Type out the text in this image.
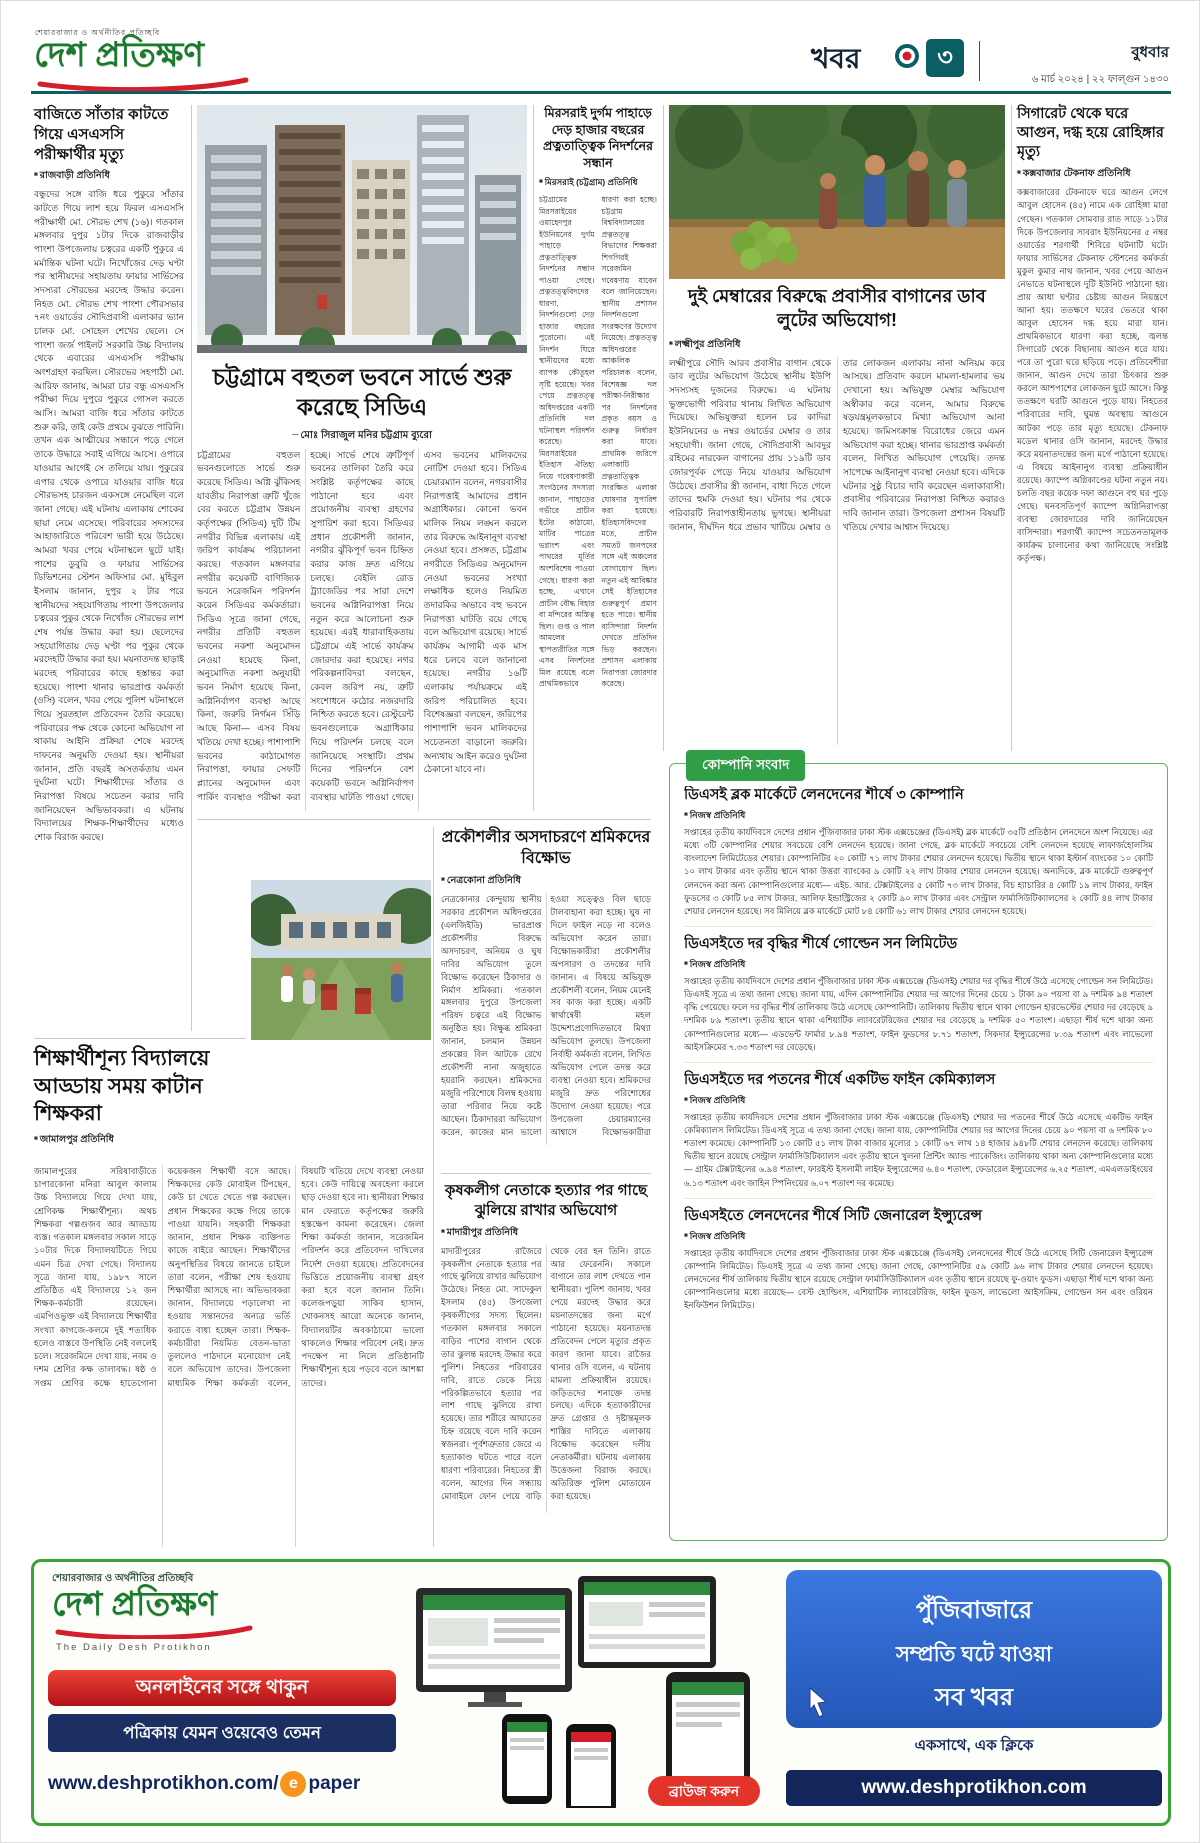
শেয়ারবাজার ও অর্থনীতির প্রতিচ্ছবি
দেশ প্রতিক্ষণ	খবর	৩	বুধবার
৬ মার্চ ২০২৪ | ২২ ফাল্গুন ১৪৩০
বাজিতে সাঁতার কাটতে গিয়ে এসএসসি পরীক্ষার্থীর মৃত্যু
■ রাজবাড়ী প্রতিনিধি
বন্ধুদের সঙ্গে বাজি ধরে পুকুরে সাঁতার কাটতে গিয়ে লাশ হয়ে ফিরল এসএসসি পরীক্ষার্থী মো. সৌরভ শেখ (১৬)। গতকাল মঙ্গলবার দুপুর ১টার দিকে রাজবাড়ীর পাংশা উপজেলায় চত্বরের একটি পুকুরে এ মর্মান্তিক ঘটনা ঘটে। নিখোঁজের দেড় ঘণ্টা পর স্থানীয়দের সহায়তায় ফায়ার সার্ভিসের সদস্যরা সৌরভের মরদেহ উদ্ধার করেন। নিহত মো. সৌরভ শেখ পাংশা পৌরসভার ৭নং ওয়ার্ডের সৌদিপ্রবাসী এলাকার ভ্যান চালক মো. সোহেল শেখের ছেলে। সে পাংশা জর্জ পাইলট সরকারি উচ্চ বিদ্যালয় থেকে এবারের এসএসসি পরীক্ষায় অংশগ্রহণ করছিল। সৌরভের সহপাঠী মো. আরিফ জানায়, আমরা চার বন্ধু এসএসসি পরীক্ষা দিয়ে দুপুরে পুকুরে গোসল করতে আসি। আমরা বাজি ধরে সাঁতার কাটতে শুরু করি, তাই কেউ প্রথমে বুঝতে পারিনি। তখন এক আত্মীয়ের সন্ধানে পড়ে গেলে তাকে উদ্ধারে সবাই এগিয়ে আসে। ওপারে যাওয়ার আগেই সে তলিয়ে যায়। পুকুরের এপার থেকে ওপারে যাওয়ার বাজি ধরে সৌরভসহ চারজন একসঙ্গে নেমেছিল বলে জানা গেছে। এই ঘটনায় এলাকায় শোকের ছায়া নেমে এসেছে। পরিবারের সদস্যদের আহাজারিতে পরিবেশ ভারী হয়ে উঠেছে। আমরা খবর পেয়ে ঘটনাস্থলে ছুটে যাই। পাশের ডুবুরি ও ফায়ার সার্ভিসের ডিভিশনের স্টেশন অফিসার মো. মুহিবুল ইসলাম জানান, দুপুর ২ টার পরে স্থানীয়দের সহযোগিতায় পাংশা উপজেলার চত্বরের পুকুর থেকে নিখোঁজ সৌরভের লাশ শেষ পর্যন্ত উদ্ধার করা হয়। ছেলেদের সহযোগিতায় দেড় ঘণ্টা পর পুকুর থেকে মরদেহটি উদ্ধার করা হয়। ময়নাতদন্ত ছাড়াই মরদেহ পরিবারের কাছে হস্তান্তর করা হয়েছে। পাংশা থানার ভারপ্রাপ্ত কর্মকর্তা (ওসি) বলেন, খবর পেয়ে পুলিশ ঘটনাস্থলে গিয়ে সুরতহাল প্রতিবেদন তৈরি করেছে। পরিবারের পক্ষ থেকে কোনো অভিযোগ না থাকায় আইনি প্রক্রিয়া শেষে মরদেহ দাফনের অনুমতি দেওয়া হয়। স্থানীয়রা জানান, প্রতি বছরই অসতর্কতায় এমন দুর্ঘটনা ঘটে। শিক্ষার্থীদের সাঁতার ও নিরাপত্তা বিষয়ে সচেতন করার দাবি জানিয়েছেন অভিভাবকরা। এ ঘটনায় বিদ্যালয়ের শিক্ষক-শিক্ষার্থীদের মধ্যেও শোক বিরাজ করছে।
চট্টগ্রামে বহুতল ভবনে সার্ভে শুরু করেছে সিডিএ
— মোঃ সিরাজুল মনির চট্টগ্রাম ব্যুরো
চট্টগ্রামের বহুতল ভবনগুলোতে সার্ভে শুরু করেছে সিডিএ। অগ্নি ঝুঁকিসহ যাবতীয় নিরাপত্তা ত্রুটি খুঁজে বের করতে চট্টগ্রাম উন্নয়ন কর্তৃপক্ষের (সিডিএ) দুটি টিম নগরীর বিভিন্ন এলাকায় এই জরিপ কার্যক্রম পরিচালনা করছে। গতকাল মঙ্গলবার নগরীর কয়েকটি বাণিজ্যিক ভবনে সরেজমিন পরিদর্শন করেন সিডিএর কর্মকর্তারা। সিডিএ সূত্রে জানা গেছে, নগরীর প্রতিটি বহুতল ভবনের নকশা অনুমোদন নেওয়া হয়েছে কিনা, অনুমোদিত নকশা অনুযায়ী ভবন নির্মাণ হয়েছে কিনা, অগ্নিনির্বাপণ ব্যবস্থা আছে কিনা, জরুরি নির্গমন সিঁড়ি আছে কিনা— এসব বিষয় খতিয়ে দেখা হচ্ছে। পাশাপাশি ভবনের কাঠামোগত নিরাপত্তা, ফায়ার সেফটি প্ল্যানের অনুমোদন এবং পার্কিং ব্যবস্থাও পরীক্ষা করা হচ্ছে। সার্ভে শেষে ত্রুটিপূর্ণ ভবনের তালিকা তৈরি করে সংশ্লিষ্ট কর্তৃপক্ষের কাছে পাঠানো হবে এবং প্রয়োজনীয় ব্যবস্থা গ্রহণের সুপারিশ করা হবে। সিডিএর প্রধান প্রকৌশলী জানান, নগরীর ঝুঁকিপূর্ণ ভবন চিহ্নিত করার কাজ দ্রুত এগিয়ে চলছে। বেইলি রোড ট্র্যাজেডির পর সারা দেশে ভবনের অগ্নিনিরাপত্তা নিয়ে নতুন করে আলোচনা শুরু হয়েছে। এরই ধারাবাহিকতায় চট্টগ্রামে এই সার্ভে কার্যক্রম জোরদার করা হয়েছে। নগর পরিকল্পনাবিদরা বলছেন, কেবল জরিপ নয়, ত্রুটি সংশোধনে কঠোর নজরদারি নিশ্চিত করতে হবে। রেস্টুরেন্ট ভবনগুলোকে অগ্রাধিকার দিয়ে পরিদর্শন চলছে বলে জানিয়েছে সংস্থাটি। প্রথম দিনের পরিদর্শনে বেশ কয়েকটি ভবনে অগ্নিনির্বাপণ ব্যবস্থার ঘাটতি পাওয়া গেছে। এসব ভবনের মালিকদের নোটিশ দেওয়া হবে। সিডিএ চেয়ারম্যান বলেন, নগরবাসীর নিরাপত্তাই আমাদের প্রধান অগ্রাধিকার। কোনো ভবন মালিক নিয়ম লঙ্ঘন করলে তার বিরুদ্ধে আইনানুগ ব্যবস্থা নেওয়া হবে। প্রসঙ্গত, চট্টগ্রাম নগরীতে সিডিএর অনুমোদন নেওয়া ভবনের সংখ্যা লক্ষাধিক হলেও নিয়মিত তদারকির অভাবে বহু ভবনে নিরাপত্তা ঘাটতি রয়ে গেছে বলে অভিযোগ রয়েছে। সার্ভে কার্যক্রম আগামী এক মাস ধরে চলবে বলে জানানো হয়েছে। নগরীর ১৬টি এলাকায় পর্যায়ক্রমে এই জরিপ পরিচালিত হবে। বিশেষজ্ঞরা বলছেন, জরিপের পাশাপাশি ভবন মালিকদের সচেতনতা বাড়ানো জরুরি। অন্যথায় আইন করেও দুর্ঘটনা ঠেকানো যাবে না।
মিরসরাই দুর্গম পাহাড়ে দেড় হাজার বছরের প্রত্নতাত্ত্বিক নিদর্শনের সন্ধান
■ মিরসরাই (চট্টগ্রাম) প্রতিনিধি
চট্টগ্রামের মিরসরাইয়ের ওয়াহেদপুর ইউনিয়নের দুর্গম পাহাড়ে প্রত্নতাত্ত্বিক নিদর্শনের সন্ধান পাওয়া গেছে। প্রত্নতত্ত্ববিদদের ধারণা, নিদর্শনগুলো দেড় হাজার বছরের পুরোনো। এই নিদর্শন ঘিরে স্থানীয়দের মধ্যে ব্যাপক কৌতূহল সৃষ্টি হয়েছে। খবর পেয়ে প্রত্নতত্ত্ব অধিদপ্তরের একটি প্রতিনিধি দল ঘটনাস্থল পরিদর্শন করেছে। মিরসরাইয়ের ইতিহাস ঐতিহ্য নিয়ে গবেষণাকারী সংগঠনের সদস্যরা জানান, পাহাড়ের গভীরে প্রাচীন ইটের কাঠামো, মাটির পাত্রের ভগ্নাংশ এবং পাথরের মূর্তির অংশবিশেষ পাওয়া গেছে। ধারণা করা হচ্ছে, এখানে প্রাচীন বৌদ্ধ বিহার বা মন্দিরের অস্তিত্ব ছিল। গুপ্ত ও পাল আমলের স্থাপত্যরীতির সঙ্গে এসব নিদর্শনের মিল রয়েছে বলে প্রাথমিকভাবে ধারণা করা হচ্ছে। চট্টগ্রাম বিশ্ববিদ্যালয়ের প্রত্নতত্ত্ব বিভাগের শিক্ষকরা শিগগিরই সরেজমিন গবেষণায় যাবেন বলে জানিয়েছেন। স্থানীয় প্রশাসন নিদর্শনগুলো সংরক্ষণের উদ্যোগ নিয়েছে। প্রত্নতত্ত্ব অধিদপ্তরের আঞ্চলিক পরিচালক বলেন, বিশেষজ্ঞ দল পরীক্ষা-নিরীক্ষার পর নিদর্শনের প্রকৃত বয়স ও গুরুত্ব নির্ধারণ করা যাবে। প্রাথমিক জরিপে এলাকাটি প্রত্নতাত্ত্বিক সংরক্ষিত এলাকা ঘোষণার সুপারিশ করা হয়েছে। ইতিহাসবিদদের মতে, প্রাচীন সমতট জনপদের সঙ্গে এই অঞ্চলের যোগাযোগ ছিল। নতুন এই আবিষ্কার সেই ইতিহাসের গুরুত্বপূর্ণ প্রমাণ হতে পারে। স্থানীয় বাসিন্দারা নিদর্শন দেখতে প্রতিদিন ভিড় করছেন। প্রশাসন এলাকায় নিরাপত্তা জোরদার করেছে।
দুই মেম্বারের বিরুদ্ধে প্রবাসীর বাগানের ডাব লুটের অভিযোগ!
■ লক্ষ্মীপুর প্রতিনিধি
লক্ষ্মীপুরে সৌদি আরব প্রবাসীর বাগান থেকে ডাব লুটের অভিযোগ উঠেছে স্থানীয় ইউপি সদস্যসহ দুজনের বিরুদ্ধে। এ ঘটনায় ভুক্তভোগী পরিবার থানায় লিখিত অভিযোগ দিয়েছে। অভিযুক্তরা হলেন চর কাদিরা ইউনিয়নের ৬ নম্বর ওয়ার্ডের মেম্বার ও তার সহযোগী। জানা গেছে, সৌদিপ্রবাসী আবদুর রহিমের নারকেল বাগানের প্রায় ১১৯টি ডাব জোরপূর্বক পেড়ে নিয়ে যাওয়ার অভিযোগ উঠেছে। প্রবাসীর স্ত্রী জানান, বাধা দিতে গেলে তাদের হুমকি দেওয়া হয়। ঘটনার পর থেকে পরিবারটি নিরাপত্তাহীনতায় ভুগছে। স্থানীয়রা জানান, দীর্ঘদিন ধরে প্রভাব খাটিয়ে মেম্বার ও তার লোকজন এলাকায় নানা অনিয়ম করে আসছে। প্রতিবাদ করলে মামলা-হামলার ভয় দেখানো হয়। অভিযুক্ত মেম্বার অভিযোগ অস্বীকার করে বলেন, আমার বিরুদ্ধে ষড়যন্ত্রমূলকভাবে মিথ্যা অভিযোগ আনা হয়েছে। জমিসংক্রান্ত বিরোধের জেরে এমন অভিযোগ করা হচ্ছে। থানার ভারপ্রাপ্ত কর্মকর্তা বলেন, লিখিত অভিযোগ পেয়েছি। তদন্ত সাপেক্ষে আইনানুগ ব্যবস্থা নেওয়া হবে। এদিকে ঘটনার সুষ্ঠু বিচার দাবি করেছেন এলাকাবাসী। প্রবাসীর পরিবারের নিরাপত্তা নিশ্চিত করারও দাবি জানান তারা। উপজেলা প্রশাসন বিষয়টি খতিয়ে দেখার আশ্বাস দিয়েছে।
সিগারেট থেকে ঘরে আগুন, দগ্ধ হয়ে রোহিঙ্গার মৃত্যু
■ কক্সবাজার টেকনাফ প্রতিনিধি
কক্সবাজারের টেকনাফে ঘরে আগুন লেগে আবুল হোসেন (৪৫) নামে এক রোহিঙ্গা মারা গেছেন। গতকাল সোমবার রাত সাড়ে ১১টার দিকে উপজেলার সাবরাং ইউনিয়নের ৫ নম্বর ওয়ার্ডের শরণার্থী শিবিরে ঘটনাটি ঘটে। ফায়ার সার্ভিসের টেকনাফ স্টেশনের কর্মকর্তা মুকুল কুমার নাথ জানান, খবর পেয়ে আগুন নেভাতে ঘটনাস্থলে দুটি ইউনিট পাঠানো হয়। প্রায় আধা ঘণ্টার চেষ্টায় আগুন নিয়ন্ত্রণে আনা হয়। ততক্ষণে ঘরের ভেতরে থাকা আবুল হোসেন দগ্ধ হয়ে মারা যান। প্রাথমিকভাবে ধারণা করা হচ্ছে, জ্বলন্ত সিগারেট থেকে বিছানায় আগুন ধরে যায়। পরে তা পুরো ঘরে ছড়িয়ে পড়ে। প্রতিবেশীরা জানান, আগুন দেখে তারা চিৎকার শুরু করলে আশপাশের লোকজন ছুটে আসে। কিন্তু ততক্ষণে ঘরটি আগুনে পুড়ে যায়। নিহতের পরিবারের দাবি, ঘুমন্ত অবস্থায় আগুনে আটকা পড়ে তার মৃত্যু হয়েছে। টেকনাফ মডেল থানার ওসি জানান, মরদেহ উদ্ধার করে ময়নাতদন্তের জন্য মর্গে পাঠানো হয়েছে। এ বিষয়ে আইনানুগ ব্যবস্থা প্রক্রিয়াধীন রয়েছে। ক্যাম্পে অগ্নিকাণ্ডের ঘটনা নতুন নয়। চলতি বছর কয়েক দফা আগুনে বহু ঘর পুড়ে গেছে। ঘনবসতিপূর্ণ ক্যাম্পে অগ্নিনিরাপত্তা ব্যবস্থা জোরদারের দাবি জানিয়েছেন বাসিন্দারা। শরণার্থী ক্যাম্পে সচেতনতামূলক কার্যক্রম চালানোর কথা জানিয়েছে সংশ্লিষ্ট কর্তৃপক্ষ।
প্রকৌশলীর অসদাচরণে শ্রমিকদের বিক্ষোভ
■ নেত্রকোনা প্রতিনিধি
নেত্রকোনার কেন্দুয়ায় স্থানীয় সরকার প্রকৌশল অধিদপ্তরের (এলজিইডি) ভারপ্রাপ্ত প্রকৌশলীর বিরুদ্ধে অসদাচরণ, অনিয়ম ও ঘুষ দাবির অভিযোগ তুলে বিক্ষোভ করেছেন ঠিকাদার ও নির্মাণ শ্রমিকরা। গতকাল মঙ্গলবার দুপুরে উপজেলা পরিষদ চত্বরে এই বিক্ষোভ অনুষ্ঠিত হয়। বিক্ষুব্ধ শ্রমিকরা জানান, চলমান উন্নয়ন প্রকল্পের বিল আটকে রেখে প্রকৌশলী নানা অজুহাতে হয়রানি করছেন। শ্রমিকদের মজুরি পরিশোধে বিলম্ব হওয়ায় তারা পরিবার নিয়ে কষ্টে আছেন। ঠিকাদাররা অভিযোগ করেন, কাজের মান ভালো হওয়া সত্ত্বেও বিল ছাড়ে টালবাহানা করা হচ্ছে। ঘুষ না দিলে ফাইল নড়ে না বলেও অভিযোগ করেন তারা। বিক্ষোভকারীরা প্রকৌশলীর অপসারণ ও তদন্তের দাবি জানান। এ বিষয়ে অভিযুক্ত প্রকৌশলী বলেন, নিয়ম মেনেই সব কাজ করা হচ্ছে। একটি স্বার্থান্বেষী মহল উদ্দেশ্যপ্রণোদিতভাবে মিথ্যা অভিযোগ তুলছে। উপজেলা নির্বাহী কর্মকর্তা বলেন, লিখিত অভিযোগ পেলে তদন্ত করে ব্যবস্থা নেওয়া হবে। শ্রমিকদের মজুরি দ্রুত পরিশোধের উদ্যোগ নেওয়া হয়েছে। পরে উপজেলা চেয়ারম্যানের আশ্বাসে বিক্ষোভকারীরা
শিক্ষার্থীশূন্য বিদ্যালয়ে আড্ডায় সময় কাটান শিক্ষকরা
■ জামালপুর প্রতিনিধি
জামালপুরের সরিষাবাড়ীতে চাপারকোনা মনিরা আবুল কালাম উচ্চ বিদ্যালয়ে গিয়ে দেখা যায়, শ্রেণিকক্ষ শিক্ষার্থীশূন্য। অথচ শিক্ষকরা গল্পগুজব আর আড্ডায় ব্যস্ত। গতকাল মঙ্গলবার সকাল সাড়ে ১০টার দিকে বিদ্যালয়টিতে গিয়ে এমন চিত্র দেখা গেছে। বিদ্যালয় সূত্রে জানা যায়, ১৯৮৭ সালে প্রতিষ্ঠিত এই বিদ্যালয়ে ১২ জন শিক্ষক-কর্মচারী রয়েছেন। এমপিওভুক্ত এই বিদ্যালয়ে শিক্ষার্থীর সংখ্যা কাগজে-কলমে দুই শতাধিক হলেও বাস্তবে উপস্থিতি নেই বললেই চলে। সরেজমিনে দেখা যায়, নবম ও দশম শ্রেণির কক্ষ তালাবদ্ধ। ষষ্ঠ ও সপ্তম শ্রেণির কক্ষে হাতেগোনা কয়েকজন শিক্ষার্থী বসে আছে। শিক্ষকদের কেউ মোবাইল টিপছেন, কেউ চা খেতে খেতে গল্প করছেন। প্রধান শিক্ষকের কক্ষে গিয়ে তাকে পাওয়া যায়নি। সহকারী শিক্ষকরা জানান, প্রধান শিক্ষক ব্যক্তিগত কাজে বাইরে আছেন। শিক্ষার্থীদের অনুপস্থিতির বিষয়ে জানতে চাইলে তারা বলেন, পরীক্ষা শেষ হওয়ায় শিক্ষার্থীরা আসছে না। অভিভাবকরা জানান, বিদ্যালয়ে পড়ালেখা না হওয়ায় সন্তানদের অন্যত্র ভর্তি করাতে বাধ্য হচ্ছেন তারা। শিক্ষক-কর্মচারীরা নিয়মিত বেতন-ভাতা তুললেও পাঠদানে মনোযোগ নেই বলে অভিযোগ তাদের। উপজেলা মাধ্যমিক শিক্ষা কর্মকর্তা বলেন, বিষয়টি খতিয়ে দেখে ব্যবস্থা নেওয়া হবে। কেউ দায়িত্বে অবহেলা করলে ছাড় দেওয়া হবে না। স্থানীয়রা শিক্ষার মান ফেরাতে কর্তৃপক্ষের জরুরি হস্তক্ষেপ কামনা করেছেন। জেলা শিক্ষা কর্মকর্তা জানান, সরেজমিন পরিদর্শন করে প্রতিবেদন দাখিলের নির্দেশ দেওয়া হয়েছে। প্রতিবেদনের ভিত্তিতে প্রয়োজনীয় ব্যবস্থা গ্রহণ করা হবে বলে জানান তিনি। কলেজপড়ুয়া সাকিব হাসান, খোকনসহ আরো অনেকে জানান, বিদ্যালয়টির অবকাঠামো ভালো থাকলেও শিক্ষার পরিবেশ নেই। দ্রুত পদক্ষেপ না নিলে প্রতিষ্ঠানটি শিক্ষার্থীশূন্য হয়ে পড়বে বলে আশঙ্কা তাদের।
কৃষকলীগ নেতাকে হত্যার পর গাছে ঝুলিয়ে রাখার অভিযোগ
■ মাদারীপুর প্রতিনিধি
মাদারীপুরের রাজৈরে কৃষকলীগ নেতাকে হত্যার পর গাছে ঝুলিয়ে রাখার অভিযোগ উঠেছে। নিহত মো. সাদেকুল ইসলাম (৪৫) উপজেলা কৃষকলীগের সদস্য ছিলেন। গতকাল মঙ্গলবার সকালে বাড়ির পাশের বাগান থেকে তার ঝুলন্ত মরদেহ উদ্ধার করে পুলিশ। নিহতের পরিবারের দাবি, রাতে ডেকে নিয়ে পরিকল্পিতভাবে হত্যার পর লাশ গাছে ঝুলিয়ে রাখা হয়েছে। তার শরীরে আঘাতের চিহ্ন রয়েছে বলে দাবি করেন স্বজনরা। পূর্বশত্রুতার জেরে এ হত্যাকাণ্ড ঘটতে পারে বলে ধারণা পরিবারের। নিহতের স্ত্রী বলেন, আগের দিন সন্ধ্যায় মোবাইলে ফোন পেয়ে বাড়ি থেকে বের হন তিনি। রাতে আর ফেরেননি। সকালে বাগানে তার লাশ দেখতে পান স্থানীয়রা। পুলিশ জানায়, খবর পেয়ে মরদেহ উদ্ধার করে ময়নাতদন্তের জন্য মর্গে পাঠানো হয়েছে। ময়নাতদন্ত প্রতিবেদন পেলে মৃত্যুর প্রকৃত কারণ জানা যাবে। রাজৈর থানার ওসি বলেন, এ ঘটনায় মামলা প্রক্রিয়াধীন রয়েছে। জড়িতদের শনাক্তে তদন্ত চলছে। এদিকে হত্যাকারীদের দ্রুত গ্রেপ্তার ও দৃষ্টান্তমূলক শাস্তির দাবিতে এলাকায় বিক্ষোভ করেছেন দলীয় নেতাকর্মীরা। ঘটনায় এলাকায় উত্তেজনা বিরাজ করছে। অতিরিক্ত পুলিশ মোতায়েন করা হয়েছে।
কোম্পানি সংবাদ
ডিএসই ব্লক মার্কেটে লেনদেনের শীর্ষে ৩ কোম্পানি
■ নিজস্ব প্রতিনিধি
সপ্তাহের তৃতীয় কার্যদিবসে দেশের প্রধান পুঁজিবাজার ঢাকা স্টক এক্সচেঞ্জের (ডিএসই) ব্লক মার্কেটে ৩৫টি প্রতিষ্ঠান লেনদেনে অংশ নিয়েছে। এর মধ্যে ৩টি কোম্পানির শেয়ার সবচেয়ে বেশি লেনদেন হয়েছে। জানা গেছে, ব্লক মার্কেটে সবচেয়ে বেশি লেনদেন হয়েছে লাফার্জহোলসিম বাংলাদেশ লিমিটেডের শেয়ার। কোম্পানিটির ২০ কোটি ৭১ লাখ টাকার শেয়ার লেনদেন হয়েছে। দ্বিতীয় স্থানে থাকা ইস্টার্ন ব্যাংকের ১০ কোটি ১০ লাখ টাকার এবং তৃতীয় স্থানে থাকা উত্তরা ব্যাংকের ৯ কোটি ২২ লাখ টাকার শেয়ার লেনদেন হয়েছে। অন্যদিকে, ব্লক মার্কেটে গুরুত্বপূর্ণ লেনদেন করা অন্য কোম্পানিগুলোর মধ্যে— এইচ. আর. টেক্সটাইলের ৫ কোটি ৭৩ লাখ টাকার, বিচ হ্যাচারির ৪ কোটি ১৯ লাখ টাকার, ফাইন ফুডসের ৩ কোটি ৮৫ লাখ টাকার, আলিফ ইন্ডাস্ট্রিজের ২ কোটি ৯০ লাখ টাকার এবং সেন্ট্রাল ফার্মাসিউটিক্যালসের ২ কোটি ৪৪ লাখ টাকার শেয়ার লেনদেন হয়েছে। সব মিলিয়ে ব্লক মার্কেটে মোট ৮৪ কোটি ৬১ লাখ টাকার শেয়ার লেনদেন হয়েছে।
ডিএসইতে দর বৃদ্ধির শীর্ষে গোল্ডেন সন লিমিটেড
■ নিজস্ব প্রতিনিধি
সপ্তাহের তৃতীয় কার্যদিবসে দেশের প্রধান পুঁজিবাজার ঢাকা স্টক এক্সচেঞ্জে (ডিএসই) শেয়ার দর বৃদ্ধির শীর্ষে উঠে এসেছে গোল্ডেন সন লিমিটেড। ডিএসই সূত্রে এ তথ্য জানা গেছে। জানা যায়, এদিন কোম্পানিটির শেয়ার দর আগের দিনের চেয়ে ১ টাকা ৯০ পয়সা বা ৯ দশমিক ৯৪ শতাংশ বৃদ্ধি পেয়েছে। ফলে দর বৃদ্ধির শীর্ষ তালিকায় উঠে এসেছে কোম্পানিটি। তালিকায় দ্বিতীয় স্থানে থাকা গোল্ডেন হারভেস্টের শেয়ার দর বেড়েছে ৯ দশমিক ৮৯ শতাংশ। তৃতীয় স্থানে থাকা এশিয়াটিক ল্যাবরেটরিজের শেয়ার দর বেড়েছে ৯ দশমিক ৫০ শতাংশ। এছাড়া শীর্ষ দশে থাকা অন্য কোম্পানিগুলোর মধ্যে— এডভেন্ট ফার্মার ৮.৯৪ শতাংশ, ফাইন ফুডসের ৮.৭১ শতাংশ, সিকদার ইন্স্যুরেন্সের ৮.৩৯ শতাংশ এবং লাভেলো আইসক্রিমের ৭.৩৩ শতাংশ দর বেড়েছে।
ডিএসইতে দর পতনের শীর্ষে একটিভ ফাইন কেমিক্যালস
■ নিজস্ব প্রতিনিধি
সপ্তাহের তৃতীয় কার্যদিবসে দেশের প্রধান পুঁজিবাজার ঢাকা স্টক এক্সচেঞ্জে (ডিএসই) শেয়ার দর পতনের শীর্ষে উঠে এসেছে একটিভ ফাইন কেমিক্যালস লিমিটেড। ডিএসই সূত্রে এ তথ্য জানা গেছে। জানা যায়, কোম্পানিটির শেয়ার দর আগের দিনের চেয়ে ৯০ পয়সা বা ৬ দশমিক ৮০ শতাংশ কমেছে। কোম্পানিটি ১৩ কোটি ৫১ লাখ টাকা বাজার মূল্যের ১ কোটি ৬৭ লাখ ১৪ হাজার ৯৪৮টি শেয়ার লেনদেন করেছে। তালিকায় দ্বিতীয় স্থানে রয়েছে সেন্ট্রাল ফার্মাসিউটিক্যালস এবং তৃতীয় স্থানে খুলনা প্রিন্টিং অ্যান্ড প্যাকেজিং। তালিকায় থাকা অন্য কোম্পানিগুলোর মধ্যে— গ্রাইম টেক্সটাইলের ৬.৯৪ শতাংশ, ফারইস্ট ইসলামী লাইফ ইন্স্যুরেন্সের ৬.৪০ শতাংশ, ফেডারেল ইন্স্যুরেন্সের ৬.২৫ শতাংশ, এমএলডাইংয়ের ৬.১৩ শতাংশ এবং জাহিন স্পিনিংয়ের ৬.০৭ শতাংশ দর কমেছে।
ডিএসইতে লেনদেনের শীর্ষে সিটি জেনারেল ইন্স্যুরেন্স
■ নিজস্ব প্রতিনিধি
সপ্তাহের তৃতীয় কার্যদিবসে দেশের প্রধান পুঁজিবাজার ঢাকা স্টক এক্সচেঞ্জে (ডিএসই) লেনদেনের শীর্ষে উঠে এসেছে সিটি জেনারেল ইন্স্যুরেন্স কোম্পানি লিমিটেড। ডিএসই সূত্রে এ তথ্য জানা গেছে। জানা গেছে, কোম্পানিটির ৫৯ কোটি ৯৬ লাখ টাকার শেয়ার লেনদেন হয়েছে। লেনদেনের শীর্ষ তালিকায় দ্বিতীয় স্থানে রয়েছে সেন্ট্রাল ফার্মাসিউটিক্যালস এবং তৃতীয় স্থানে রয়েছে ফু-ওয়াং ফুডস। এছাড়া শীর্ষ দশে থাকা অন্য কোম্পানিগুলোর মধ্যে রয়েছে— বেস্ট হোল্ডিংস, এশিয়াটিক ল্যাবরেটরিজ, ফাইন ফুডস, লাভেলো আইসক্রিম, গোল্ডেন সন এবং ওরিয়ন ইনফিউশন লিমিটেড।
শেয়ারবাজার ও অর্থনীতির প্রতিচ্ছবি
দেশ প্রতিক্ষণ
The Daily Desh Protikhon
অনলাইনের সঙ্গে থাকুন
পত্রিকায় যেমন ওয়েবেও তেমন
www.deshprotikhon.com/ e paper	ব্রাউজ করুন
পুঁজিবাজারে
সম্প্রতি ঘটে যাওয়া
সব খবর
একসাথে, এক ক্লিকে
www.deshprotikhon.com
